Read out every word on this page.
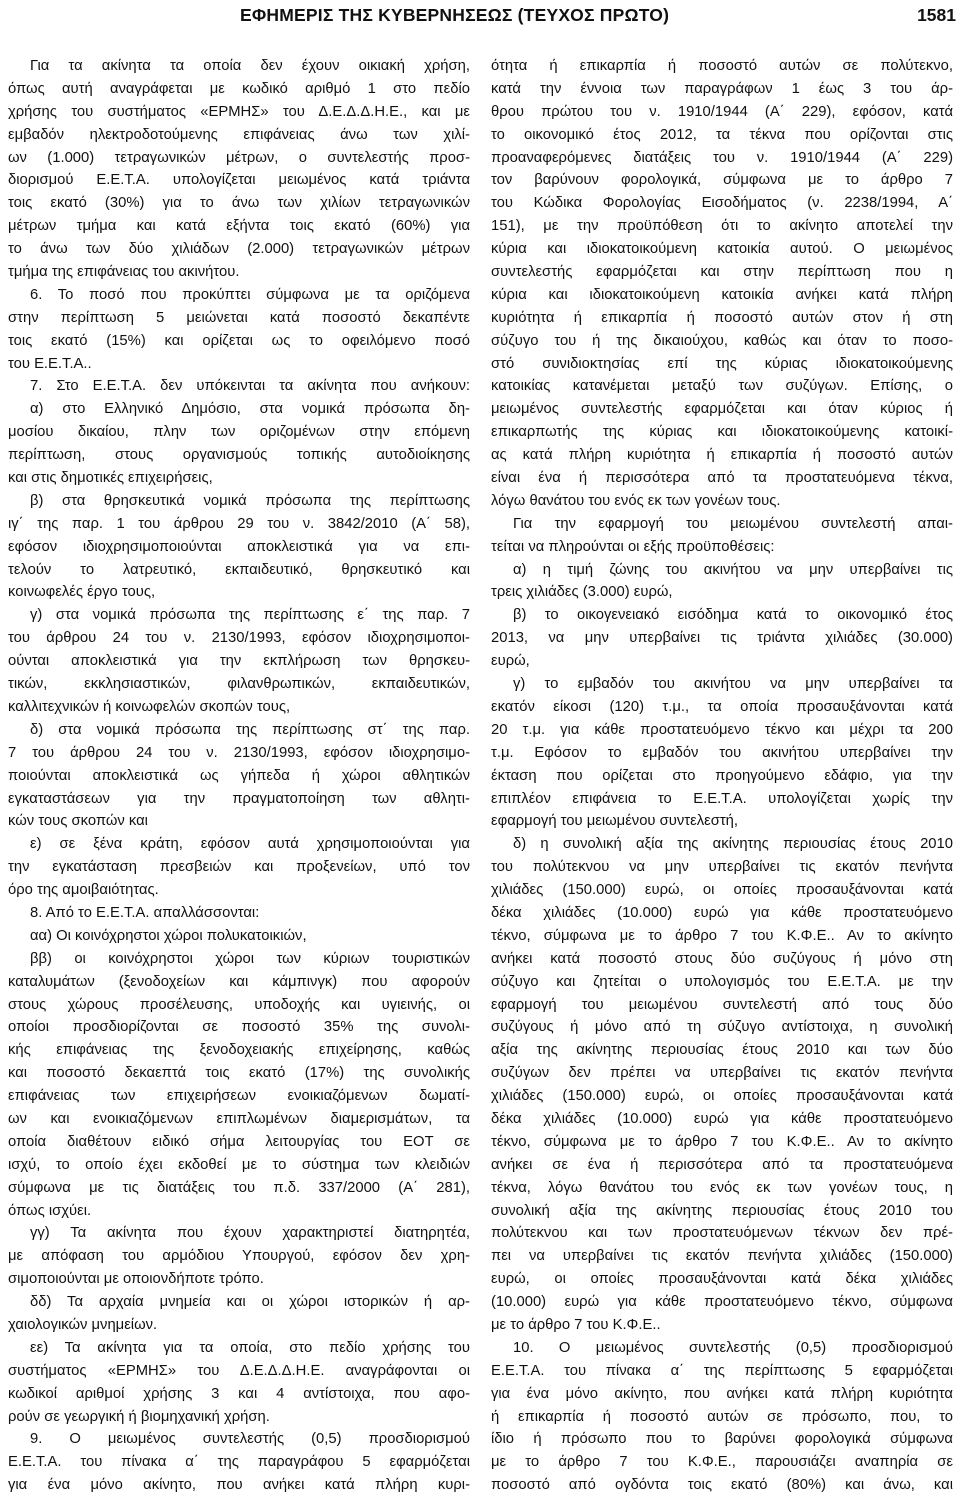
ΕΦΗΜΕΡΙΣ ΤΗΣ ΚΥΒΕΡΝΗΣΕΩΣ (ΤΕΥΧΟΣ ΠΡΩΤΟ)	1581
Για τα ακίνητα τα οποία δεν έχουν οικιακή χρήση,
όπως αυτή αναγράφεται με κωδικό αριθμό 1 στο πεδίο
χρήσης του συστήματος «ΕΡΜΗΣ» του Δ.Ε.Δ.Δ.Η.Ε., και με
εμβαδόν ηλεκτροδοτούμενης επιφάνειας άνω των χιλί‑
ων (1.000) τετραγωνικών μέτρων, ο συντελεστής προσ‑
διορισμού Ε.Ε.Τ.Α. υπολογίζεται μειωμένος κατά τριάντα
τοις εκατό (30%) για το άνω των χιλίων τετραγωνικών
μέτρων τμήμα και κατά εξήντα τοις εκατό (60%) για
το άνω των δύο χιλιάδων (2.000) τετραγωνικών μέτρων
τμήμα της επιφάνειας του ακινήτου.
6. Το ποσό που προκύπτει σύμφωνα με τα οριζόμενα
στην περίπτωση 5 μειώνεται κατά ποσοστό δεκαπέντε
τοις εκατό (15%) και ορίζεται ως το οφειλόμενο ποσό
του Ε.Ε.Τ.Α..
7. Στο Ε.Ε.Τ.Α. δεν υπόκεινται τα ακίνητα που ανήκουν:
α) στο Ελληνικό Δημόσιο, στα νομικά πρόσωπα δη‑
μοσίου δικαίου, πλην των οριζομένων στην επόμενη
περίπτωση, στους οργανισμούς τοπικής αυτοδιοίκησης
και στις δημοτικές επιχειρήσεις,
β) στα θρησκευτικά νομικά πρόσωπα της περίπτωσης
ιγ΄ της παρ. 1 του άρθρου 29 του ν. 3842/2010 (Α΄ 58),
εφόσον ιδιοχρησιμοποιούνται αποκλειστικά για να επι‑
τελούν το λατρευτικό, εκπαιδευτικό, θρησκευτικό και
κοινωφελές έργο τους,
γ) στα νομικά πρόσωπα της περίπτωσης ε΄ της παρ. 7
του άρθρου 24 του ν. 2130/1993, εφόσον ιδιοχρησιμοποι‑
ούνται αποκλειστικά για την εκπλήρωση των θρησκευ‑
τικών, εκκλησιαστικών, φιλανθρωπικών, εκπαιδευτικών,
καλλιτεχνικών ή κοινωφελών σκοπών τους,
δ) στα νομικά πρόσωπα της περίπτωσης στ΄ της παρ.
7 του άρθρου 24 του ν. 2130/1993, εφόσον ιδιοχρησιμο‑
ποιούνται αποκλειστικά ως γήπεδα ή χώροι αθλητικών
εγκαταστάσεων για την πραγματοποίηση των αθλητι‑
κών τους σκοπών και
ε) σε ξένα κράτη, εφόσον αυτά χρησιμοποιούνται για
την εγκατάσταση πρεσβειών και προξενείων, υπό τον
όρο της αμοιβαιότητας.
8. Από το Ε.Ε.Τ.Α. απαλλάσσονται:
αα) Οι κοινόχρηστοι χώροι πολυκατοικιών,
ββ) οι κοινόχρηστοι χώροι των κύριων τουριστικών
καταλυμάτων (ξενοδοχείων και κάμπινγκ) που αφορούν
στους χώρους προσέλευσης, υποδοχής και υγιεινής, οι
οποίοι προσδιορίζονται σε ποσοστό 35% της συνολι‑
κής επιφάνειας της ξενοδοχειακής επιχείρησης, καθώς
και ποσοστό δεκαεπτά τοις εκατό (17%) της συνολικής
επιφάνειας των επιχειρήσεων ενοικιαζόμενων δωματί‑
ων και ενοικιαζόμενων επιπλωμένων διαμερισμάτων, τα
οποία διαθέτουν ειδικό σήμα λειτουργίας του ΕΟΤ σε
ισχύ, το οποίο έχει εκδοθεί με το σύστημα των κλειδιών
σύμφωνα με τις διατάξεις του π.δ. 337/2000 (Α΄ 281),
όπως ισχύει.
γγ) Τα ακίνητα που έχουν χαρακτηριστεί διατηρητέα,
με απόφαση του αρμόδιου Υπουργού, εφόσον δεν χρη‑
σιμοποιούνται με οποιονδήποτε τρόπο.
δδ) Τα αρχαία μνημεία και οι χώροι ιστορικών ή αρ‑
χαιολογικών μνημείων.
εε) Τα ακίνητα για τα οποία, στο πεδίο χρήσης του
συστήματος «ΕΡΜΗΣ» του Δ.Ε.Δ.Δ.Η.Ε. αναγράφονται οι
κωδικοί αριθμοί χρήσης 3 και 4 αντίστοιχα, που αφο‑
ρούν σε γεωργική ή βιομηχανική χρήση.
9. Ο μειωμένος συντελεστής (0,5) προσδιορισμού
Ε.Ε.Τ.Α. του πίνακα α΄ της παραγράφου 5 εφαρμόζεται
για ένα μόνο ακίνητο, που ανήκει κατά πλήρη κυρι‑
ότητα ή επικαρπία ή ποσοστό αυτών σε πολύτεκνο,
κατά την έννοια των παραγράφων 1 έως 3 του άρ‑
θρου πρώτου του ν. 1910/1944 (Α΄ 229), εφόσον, κατά
το οικονομικό έτος 2012, τα τέκνα που ορίζονται στις
προαναφερόμενες διατάξεις του ν. 1910/1944 (Α΄ 229)
τον βαρύνουν φορολογικά, σύμφωνα με το άρθρο 7
του Κώδικα Φορολογίας Εισοδήματος (ν. 2238/1994, Α΄
151), με την προϋπόθεση ότι το ακίνητο αποτελεί την
κύρια και ιδιοκατοικούμενη κατοικία αυτού. Ο μειωμένος
συντελεστής εφαρμόζεται και στην περίπτωση που η
κύρια και ιδιοκατοικούμενη κατοικία ανήκει κατά πλήρη
κυριότητα ή επικαρπία ή ποσοστό αυτών στον ή στη
σύζυγο του ή της δικαιούχου, καθώς και όταν το ποσο‑
στό συνιδιοκτησίας επί της κύριας ιδιοκατοικούμενης
κατοικίας κατανέμεται μεταξύ των συζύγων. Επίσης, ο
μειωμένος συντελεστής εφαρμόζεται και όταν κύριος ή
επικαρπωτής της κύριας και ιδιοκατοικούμενης κατοικί‑
ας κατά πλήρη κυριότητα ή επικαρπία ή ποσοστό αυτών
είναι ένα ή περισσότερα από τα προστατευόμενα τέκνα,
λόγω θανάτου του ενός εκ των γονέων τους.
Για την εφαρμογή του μειωμένου συντελεστή απαι‑
τείται να πληρούνται οι εξής προϋποθέσεις:
α) η τιμή ζώνης του ακινήτου να μην υπερβαίνει τις
τρεις χιλιάδες (3.000) ευρώ,
β) το οικογενειακό εισόδημα κατά το οικονομικό έτος
2013, να μην υπερβαίνει τις τριάντα χιλιάδες (30.000)
ευρώ,
γ) το εμβαδόν του ακινήτου να μην υπερβαίνει τα
εκατόν είκοσι (120) τ.μ., τα οποία προσαυξάνονται κατά
20 τ.μ. για κάθε προστατευόμενο τέκνο και μέχρι τα 200
τ.μ. Εφόσον το εμβαδόν του ακινήτου υπερβαίνει την
έκταση που ορίζεται στο προηγούμενο εδάφιο, για την
επιπλέον επιφάνεια το Ε.Ε.Τ.Α. υπολογίζεται χωρίς την
εφαρμογή του μειωμένου συντελεστή,
δ) η συνολική αξία της ακίνητης περιουσίας έτους 2010
του πολύτεκνου να μην υπερβαίνει τις εκατόν πενήντα
χιλιάδες (150.000) ευρώ, οι οποίες προσαυξάνονται κατά
δέκα χιλιάδες (10.000) ευρώ για κάθε προστατευόμενο
τέκνο, σύμφωνα με το άρθρο 7 του Κ.Φ.Ε.. Αν το ακίνητο
ανήκει κατά ποσοστό στους δύο συζύγους ή μόνο στη
σύζυγο και ζητείται ο υπολογισμός του Ε.Ε.Τ.Α. με την
εφαρμογή του μειωμένου συντελεστή από τους δύο
συζύγους ή μόνο από τη σύζυγο αντίστοιχα, η συνολική
αξία της ακίνητης περιουσίας έτους 2010 και των δύο
συζύγων δεν πρέπει να υπερβαίνει τις εκατόν πενήντα
χιλιάδες (150.000) ευρώ, οι οποίες προσαυξάνονται κατά
δέκα χιλιάδες (10.000) ευρώ για κάθε προστατευόμενο
τέκνο, σύμφωνα με το άρθρο 7 του Κ.Φ.Ε.. Αν το ακίνητο
ανήκει σε ένα ή περισσότερα από τα προστατευόμενα
τέκνα, λόγω θανάτου του ενός εκ των γονέων τους, η
συνολική αξία της ακίνητης περιουσίας έτους 2010 του
πολύτεκνου και των προστατευόμενων τέκνων δεν πρέ‑
πει να υπερβαίνει τις εκατόν πενήντα χιλιάδες (150.000)
ευρώ, οι οποίες προσαυξάνονται κατά δέκα χιλιάδες
(10.000) ευρώ για κάθε προστατευόμενο τέκνο, σύμφωνα
με το άρθρο 7 του Κ.Φ.Ε..
10. Ο μειωμένος συντελεστής (0,5) προσδιορισμού
Ε.Ε.Τ.Α. του πίνακα α΄ της περίπτωσης 5 εφαρμόζεται
για ένα μόνο ακίνητο, που ανήκει κατά πλήρη κυριότητα
ή επικαρπία ή ποσοστό αυτών σε πρόσωπο, που, το
ίδιο ή πρόσωπο που το βαρύνει φορολογικά σύμφωνα
με το άρθρο 7 του Κ.Φ.Ε., παρουσιάζει αναπηρία σε
ποσοστό από ογδόντα τοις εκατό (80%) και άνω, και
